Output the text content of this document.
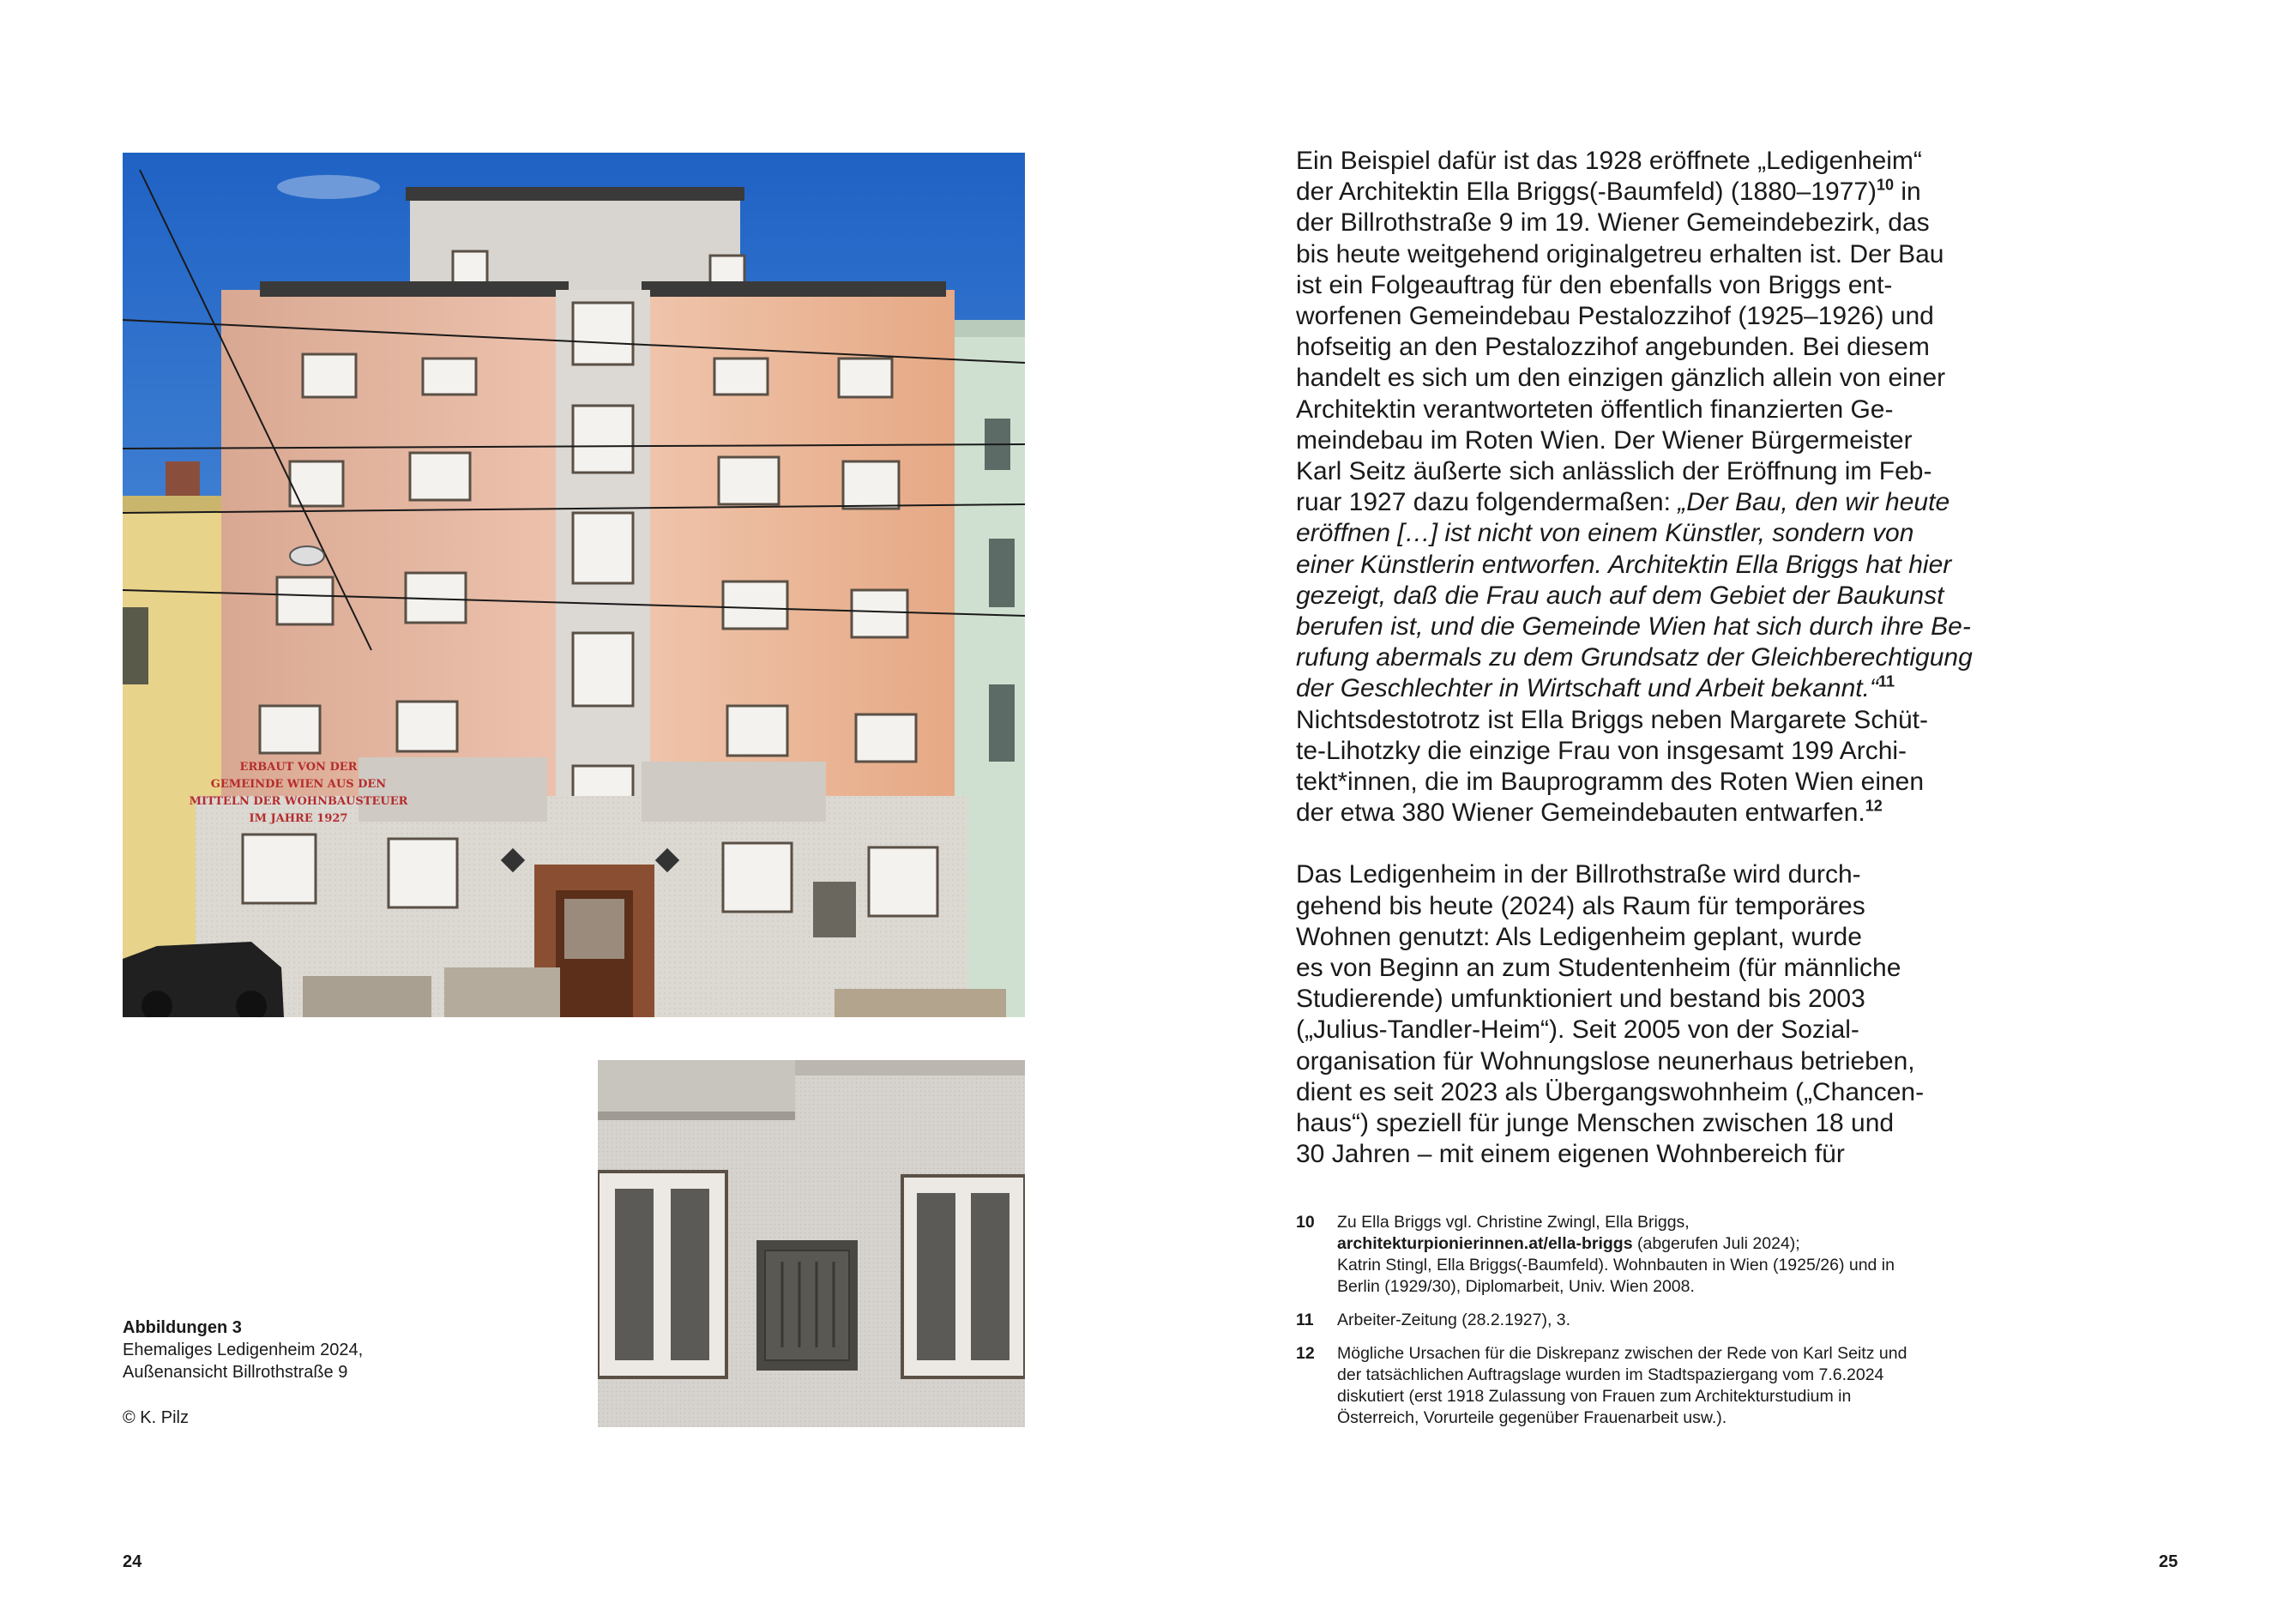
ERBAUT VON DER
GEMEINDE WIEN AUS DEN
MITTELN DER WOHNBAUSTEUER
IM JAHRE 1927
Abbildungen 3
Ehemaliges Ledigenheim 2024,
Außenansicht Billrothstraße 9
© K. Pilz
Ein Beispiel dafür ist das 1928 eröffnete „Ledigenheim“
der Architektin Ella Briggs(-Baumfeld) (1880–1977)$^{10}$ in
der Billrothstraße 9 im 19. Wiener Gemeindebezirk, das
bis heute weitgehend originalgetreu erhalten ist. Der Bau
ist ein Folgeauftrag für den ebenfalls von Briggs ent-
worfenen Gemeindebau Pestalozzihof (1925–1926) und
hofseitig an den Pestalozzihof angebunden. Bei diesem
handelt es sich um den einzigen gänzlich allein von einer
Architektin verantworteten öffentlich finanzierten Ge-
meindebau im Roten Wien. Der Wiener Bürgermeister
Karl Seitz äußerte sich anlässlich der Eröffnung im Feb-
ruar 1927 dazu folgendermaßen: „Der Bau, den wir heute
eröffnen […] ist nicht von einem Künstler, sondern von
einer Künstlerin entworfen. Architektin Ella Briggs hat hier
gezeigt, daß die Frau auch auf dem Gebiet der Baukunst
berufen ist, und die Gemeinde Wien hat sich durch ihre Be-
rufung abermals zu dem Grundsatz der Gleichberechtigung
der Geschlechter in Wirtschaft und Arbeit bekannt.“$^{11}$
Nichtsdestotrotz ist Ella Briggs neben Margarete Schüt-
te-Lihotzky die einzige Frau von insgesamt 199 Archi-
tekt*innen, die im Bauprogramm des Roten Wien einen
der etwa 380 Wiener Gemeindebauten entwarfen.$^{12}$
Das Ledigenheim in der Billrothstraße wird durch-
gehend bis heute (2024) als Raum für temporäres
Wohnen genutzt: Als Ledigenheim geplant, wurde
es von Beginn an zum Studentenheim (für männliche
Studierende) umfunktioniert und bestand bis 2003
(„Julius-Tandler-Heim“). Seit 2005 von der Sozial-
organisation für Wohnungslose neunerhaus betrieben,
dient es seit 2023 als Übergangswohnheim („Chancen-
haus“) speziell für junge Menschen zwischen 18 und
30 Jahren – mit einem eigenen Wohnbereich für
10 Zu Ella Briggs vgl. Christine Zwingl, Ella Briggs,
architekturpionierinnen.at/ella-briggs (abgerufen Juli 2024);
Katrin Stingl, Ella Briggs(-Baumfeld). Wohnbauten in Wien (1925/26) und in
Berlin (1929/30), Diplomarbeit, Univ. Wien 2008.
11 Arbeiter-Zeitung (28.2.1927), 3.
12 Mögliche Ursachen für die Diskrepanz zwischen der Rede von Karl Seitz und
der tatsächlichen Auftragslage wurden im Stadtspaziergang vom 7.6.2024
diskutiert (erst 1918 Zulassung von Frauen zum Architekturstudium in
Österreich, Vorurteile gegenüber Frauenarbeit usw.).
24	25
